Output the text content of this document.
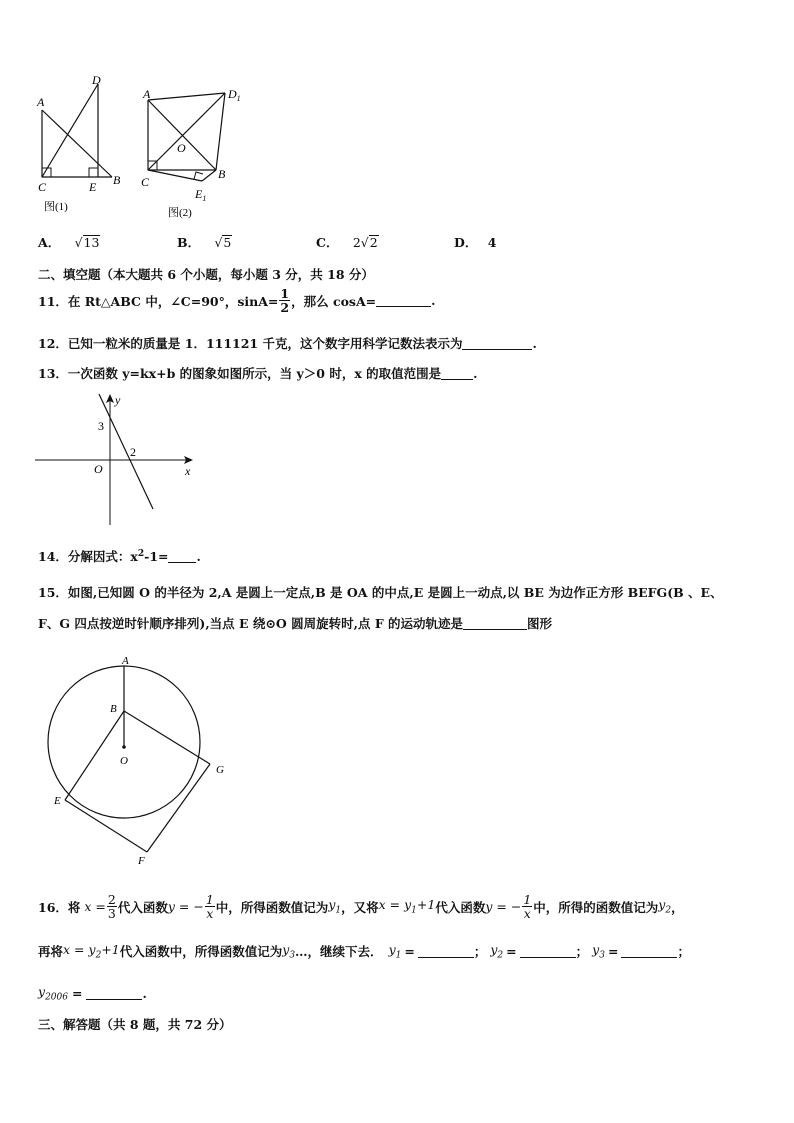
A
D
C	E B
图(1)
A	$D_1$
O
C
B
$E_1$
图(2)
A． √13	B． √5	C． 2√2	D． 4
二、填空题（本大题共 6 个小题，每小题 3 分，共 18 分）
11．在 Rt△ABC 中，∠C=90°，$\sin A= \frac{1}{2}$ ，那么 cosA=	.
12．已知一粒米的质量是 1．111121 千克，这个数字用科学记数法表示为	.
13．一次函数 y=kx+b 的图象如图所示，当 y＞0 时，x 的取值范围是	.
y
x
O
3
2
14．分解因式：$x^2-1=$ .
15．如图,已知圆 O 的半径为 2,A 是圆上一定点,B 是 OA 的中点,E 是圆上一动点,以 BE 为边作正方形 BEFG(B 、E、
F、G 四点按逆时针顺序排列),当点 E 绕⊙O 圆周旋转时,点 F 的运动轨迹是	图形
A
B
O
G
E
F
16．将 $x = \frac{2}{3}$ 代入函数 y = − $\frac{1}{x}$ 中，所得函数值记为 $y_1$ ，又将 $x = y_1+1$ 代入函数 y = − $\frac{1}{x}$ 中，所得的函数值记为 $y_2$ ，
再将 $x = y_2+1$ 代入函数中，所得函数值记为 $y_3$ …，继续下去． $y_1$ =	； $y_2$ =	； $y_3$ =	；
$y_{2006}$ =	.
三、解答题（共 8 题，共 72 分）
